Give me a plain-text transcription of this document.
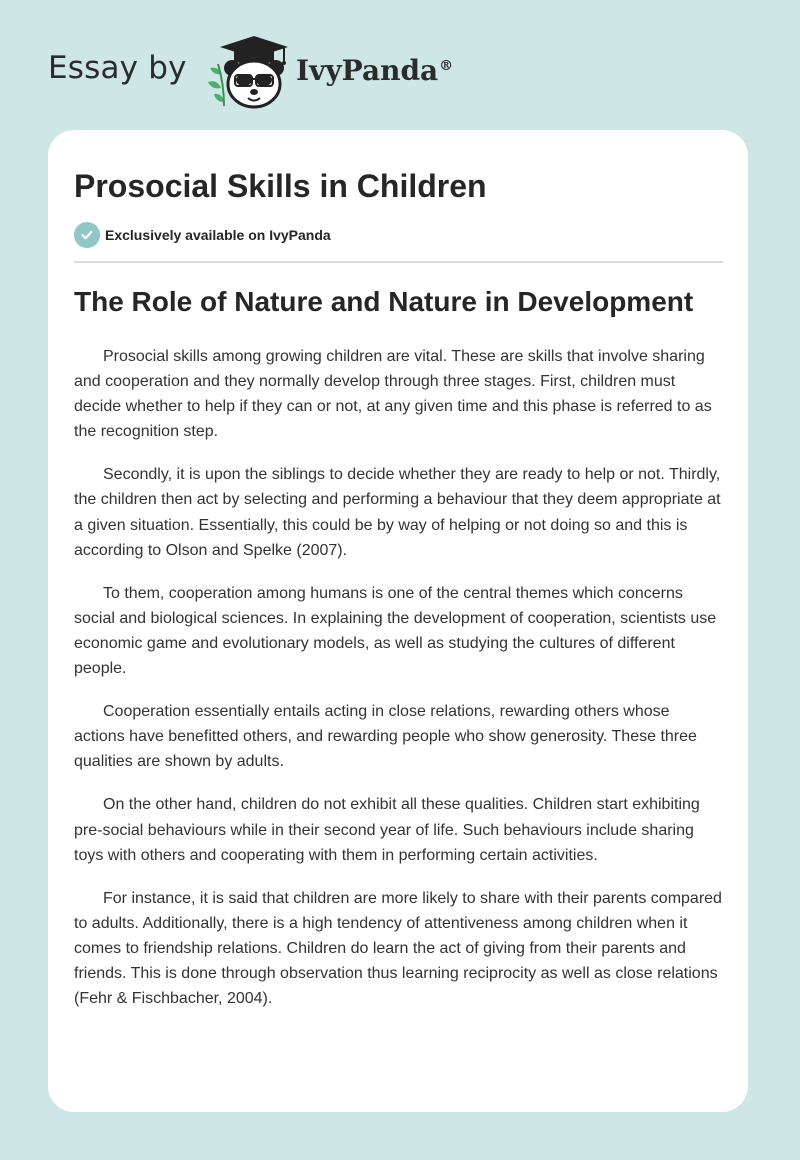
Essay by	IvyPanda®
Prosocial Skills in Children
Exclusively available on IvyPanda
The Role of Nature and Nature in Development

Prosocial skills among growing children are vital. These are skills that involve sharing and cooperation and they normally develop through three stages. First, children must decide whether to help if they can or not, at any given time and this phase is referred to as the recognition step.

Secondly, it is upon the siblings to decide whether they are ready to help or not. Thirdly, the children then act by selecting and performing a behaviour that they deem appropriate at a given situation. Essentially, this could be by way of helping or not doing so and this is according to Olson and Spelke (2007).

To them, cooperation among humans is one of the central themes which concerns social and biological sciences. In explaining the development of cooperation, scientists use economic game and evolutionary models, as well as studying the cultures of different people.

Cooperation essentially entails acting in close relations, rewarding others whose actions have benefitted others, and rewarding people who show generosity. These three qualities are shown by adults.

On the other hand, children do not exhibit all these qualities. Children start exhibiting pre-social behaviours while in their second year of life. Such behaviours include sharing toys with others and cooperating with them in performing certain activities.

For instance, it is said that children are more likely to share with their parents compared to adults. Additionally, there is a high tendency of attentiveness among children when it comes to friendship relations. Children do learn the act of giving from their parents and friends. This is done through observation thus learning reciprocity as well as close relations (Fehr & Fischbacher, 2004).
